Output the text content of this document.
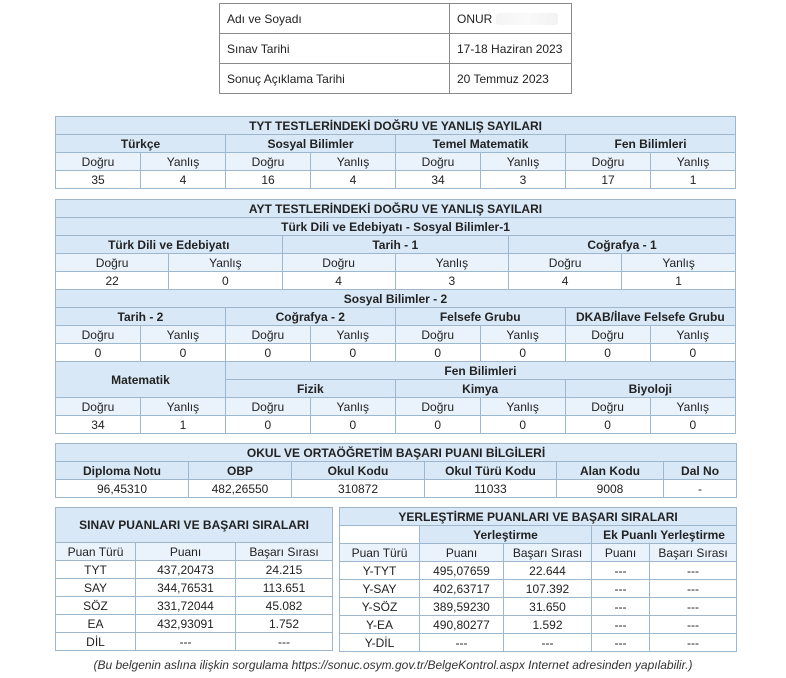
Adı ve Soyadı	ONUR
Sınav Tarihi	17-18 Haziran 2023
Sonuç Açıklama Tarihi	20 Temmuz 2023
TYT TESTLERİNDEKİ DOĞRU VE YANLIŞ SAYILARI							
Türkçe		Sosyal Bilimler		Temel Matematik		Fen Bilimleri	
Doğru	Yanlış	Doğru	Yanlış	Doğru	Yanlış	Doğru	Yanlış
35	4	16	4	34	3	17	1
AYT TESTLERİNDEKİ DOĞRU VE YANLIŞ SAYILARI											
Türk Dili ve Edebiyatı - Sosyal Bilimler-1											
Türk Dili ve Edebiyatı				Tarih - 1				Coğrafya - 1			
Doğru		Yanlış		Doğru		Yanlış		Doğru		Yanlış	
22		0		4		3		4		1	
Sosyal Bilimler - 2											
Tarih - 2			Coğrafya - 2			Felsefe Grubu			DKAB/İlave Felsefe Grubu		
Doğru	Yanlış		Doğru		Yanlış	Doğru	Yanlış		Doğru		Yanlış
0	0		0		0	0	0		0		0
Matematik			Fen Bilimleri								
			Fizik			Kimya			Biyoloji		
Doğru	Yanlış		Doğru		Yanlış	Doğru	Yanlış		Doğru		Yanlış
34	1		0		0	0	0		0		0
OKUL VE ORTAÖĞRETİM BAŞARI PUANI BİLGİLERİ					
Diploma Notu	OBP	Okul Kodu	Okul Türü Kodu	Alan Kodu	Dal No
96,45310	482,26550	310872	11033	9008	-
SINAV PUANLARI VE BAŞARI SIRALARI		
Puan Türü	Puanı	Başarı Sırası
TYT	437,20473	24.215
SAY	344,76531	113.651
SÖZ	331,72044	45.082
EA	432,93091	1.752
DİL	---	---
YERLEŞTİRME PUANLARI VE BAŞARI SIRALARI				
	Yerleştirme		Ek Puanlı Yerleştirme	
Puan Türü	Puanı	Başarı Sırası	Puanı	Başarı Sırası
Y-TYT	495,07659	22.644	---	---
Y-SAY	402,63717	107.392	---	---
Y-SÖZ	389,59230	31.650	---	---
Y-EA	490,80277	1.592	---	---
Y-DİL	---	---	---	---
(Bu belgenin aslına ilişkin sorgulama https://sonuc.osym.gov.tr/BelgeKontrol.aspx Internet adresinden yapılabilir.)
